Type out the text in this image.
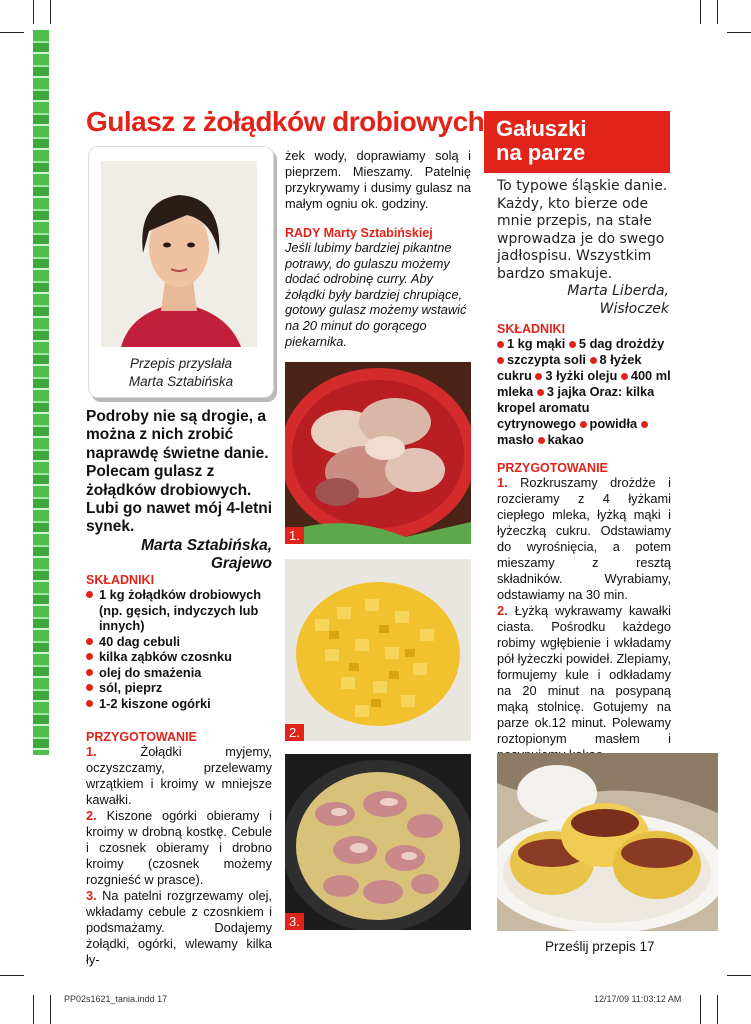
Gulasz z żołądków drobiowych
Przepis przysłała
Marta Sztabińska
Podroby nie są drogie, a można z nich zrobić naprawdę świetne danie. Polecam gulasz z żołądków drobiowych. Lubi go nawet mój 4-letni synek.
Marta Sztabińska,
Grajewo
SKŁADNIKI
1 kg żołądków drobiowych (np. gęsich, indyczych lub innych)
40 dag cebuli
kilka ząbków czosnku
olej do smażenia
sól, pieprz
1-2 kiszone ogórki
PRZYGOTOWANIE
1.	Żołądki myjemy, oczyszczamy, przelewamy wrzątkiem i kroimy w mniejsze kawałki.
2. Kiszone ogórki obieramy i kroimy w drobną kostkę. Cebule i czosnek obieramy i drobno kroimy (czosnek możemy rozgnieść w prasce).
3. Na patelni rozgrzewamy olej, wkładamy cebule z czosnkiem i podsmażamy. Dodajemy żołądki, ogórki, wlewamy kilka ły-
żek wody, doprawiamy solą i pieprzem. Mieszamy. Patelnię przykrywamy i dusimy gulasz na małym ogniu ok. godziny.
RADY Marty Sztabińskiej
Jeśli lubimy bardziej pikantne potrawy, do gulaszu możemy dodać odrobinę curry. Aby żołądki były bardziej chrupiące, gotowy gulasz możemy wstawić na 20 minut do gorącego piekarnika.
1.
2.
3.
Gałuszki
na parze
To typowe śląskie danie. Każdy, kto bierze ode mnie przepis, na stałe wprowadza je do swego jadłospisu. Wszystkim bardzo smakuje.
Marta Liberda,
Wisłoczek
SKŁADNIKI
1 kg mąki 5 dag drożdży szczypta soli 8 łyżek cukru 3 łyżki oleju 400 ml mleka 3 jajka Oraz: kilka kropel aromatu cytrynowego powidła masło kakao
PRZYGOTOWANIE
1. Rozkruszamy drożdże i rozcieramy z 4 łyżkami ciepłego mleka, łyżką mąki i łyżeczką cukru. Odstawiamy do wyrośnięcia, a potem mieszamy z resztą składników. Wyrabiamy, odstawiamy na 30 min.
2. Łyżką wykrawamy kawałki ciasta. Pośrodku każdego robimy wgłębienie i wkładamy pół łyżeczki powideł. Zlepiamy, formujemy kule i odkładamy na 20 minut na posypaną mąką stolnicę. Gotujemy na parze ok.12 minut. Polewamy roztopionym masłem i
Prześlij przepis 17
PP02s1621_tania.indd 17	12/17/09 11:03:12 AM
